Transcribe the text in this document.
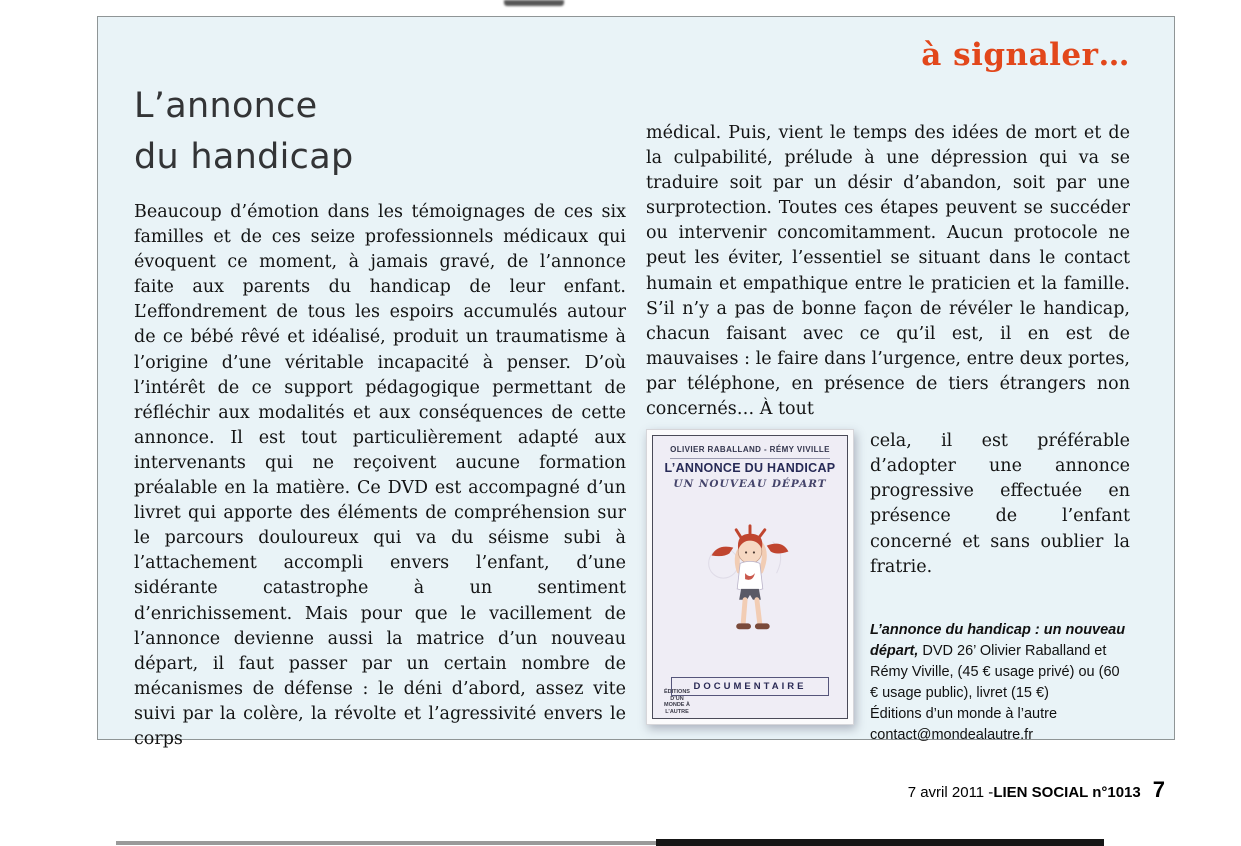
à signaler…
L’annonce
du handicap
Beaucoup d’émotion dans les témoignages de ces six familles et de ces seize professionnels médicaux qui évoquent ce moment, à jamais gravé, de l’annonce faite aux parents du handicap de leur enfant. L’effondrement de tous les espoirs accumulés autour de ce bébé rêvé et idéalisé, produit un traumatisme à l’origine d’une véritable incapacité à penser. D’où l’intérêt de ce support pédagogique permettant de réfléchir aux modalités et aux conséquences de cette annonce. Il est tout particulièrement adapté aux intervenants qui ne reçoivent aucune formation préalable en la matière. Ce DVD est accompagné d’un livret qui apporte des éléments de compréhension sur le parcours douloureux qui va du séisme subi à l’attachement accompli envers l’enfant, d’une sidérante catastrophe à un sentiment d’enrichissement. Mais pour que le vacillement de l’annonce devienne aussi la matrice d’un nouveau départ, il faut passer par un certain nombre de mécanismes de défense : le déni d’abord, assez vite suivi par la colère, la révolte et l’agressivité envers le corps
médical. Puis, vient le temps des idées de mort et de la culpabilité, prélude à une dépression qui va se traduire soit par un désir d’abandon, soit par une surprotection. Toutes ces étapes peuvent se succéder ou intervenir concomitamment. Aucun protocole ne peut les éviter, l’essentiel se situant dans le contact humain et empathique entre le praticien et la famille. S’il n’y a pas de bonne façon de révéler le handicap, chacun faisant avec ce qu’il est, il en est de mauvaises : le faire dans l’urgence, entre deux portes, par téléphone, en présence de tiers étrangers non concernés… À tout
OLIVIER RABALLAND - RÉMY VIVILLE
L’ANNONCE DU HANDICAP
UN NOUVEAU DÉPART
DOCUMENTAIRE
ÉDITIONS D’UN MONDE À L’AUTRE
cela, il est préférable d’adopter une annonce progressive effectuée en présence de l’enfant concerné et sans oublier la fratrie.
L’annonce du handicap : un nouveau départ, DVD 26’ Olivier Raballand et Rémy Viville, (45 € usage privé) ou (60 € usage public), livret (15 €)
Éditions d’un monde à l’autre
contact@mondealautre.fr
7 avril 2011 - LIEN SOCIAL n°1013 7
